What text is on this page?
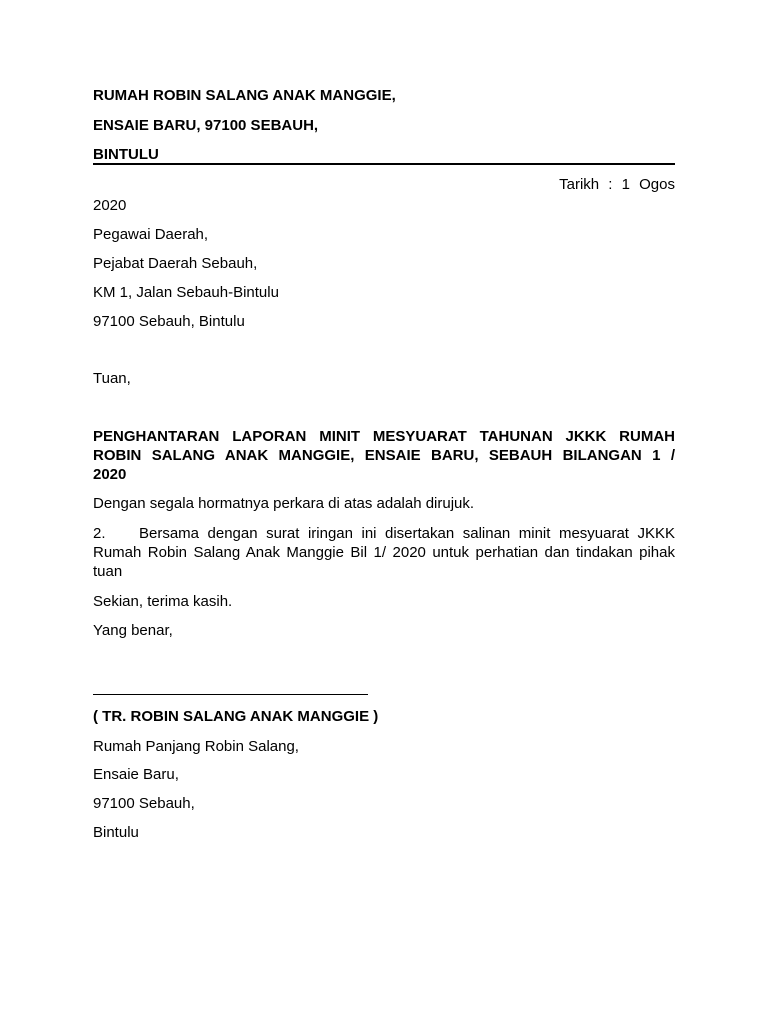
RUMAH ROBIN SALANG ANAK MANGGIE,
ENSAIE BARU, 97100 SEBAUH,
BINTULU
Tarikh : 1 Ogos
2020
Pegawai Daerah,
Pejabat Daerah Sebauh,
KM 1, Jalan Sebauh-Bintulu
97100 Sebauh, Bintulu
Tuan,
PENGHANTARAN LAPORAN MINIT MESYUARAT TAHUNAN JKKK RUMAH ROBIN SALANG ANAK MANGGIE, ENSAIE BARU, SEBAUH BILANGAN 1 / 2020
Dengan segala hormatnya perkara di atas adalah dirujuk.
2. Bersama dengan surat iringan ini disertakan salinan minit mesyuarat JKKK Rumah Robin Salang Anak Manggie Bil 1/ 2020 untuk perhatian dan tindakan pihak tuan
Sekian, terima kasih.
Yang benar,
( TR. ROBIN SALANG ANAK MANGGIE )
Rumah Panjang Robin Salang,
Ensaie Baru,
97100 Sebauh,
Bintulu
